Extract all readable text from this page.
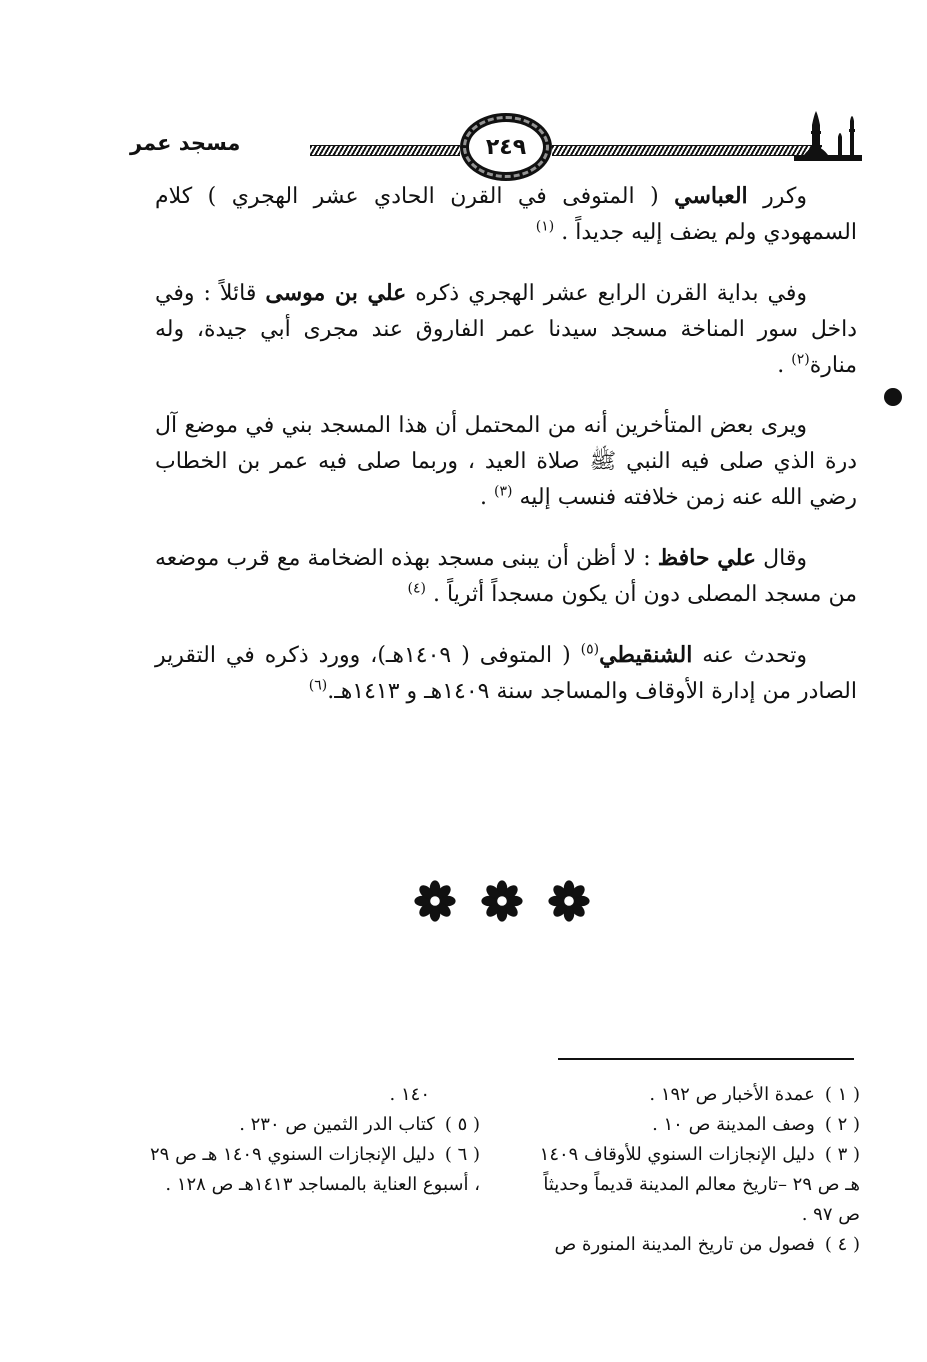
مسجد عمر	٢٤٩

وكرر العباسي ( المتوفى في القرن الحادي عشر الهجري ) كلام السمهودي ولم يضف إليه جديداً . $^{(١)}$

وفي بداية القرن الرابع عشر الهجري ذكره علي بن موسى قائلاً : وفي داخل سور المناخة مسجد سيدنا عمر الفاروق عند مجرى أبي جيدة، وله منارة$^{(٢)}$ .

ويرى بعض المتأخرين أنه من المحتمل أن هذا المسجد بني في موضع آل درة الذي صلى فيه النبي ﷺ صلاة العيد ، وربما صلى فيه عمر بن الخطاب رضي الله عنه زمن خلافته فنسب إليه $^{(٣)}$ .

وقال علي حافظ : لا أظن أن يبنى مسجد بهذه الضخامة مع قرب موضعه من مسجد المصلى دون أن يكون مسجداً أثرياً . $^{(٤)}$

وتحدث عنه الشنقيطي$^{(٥)}$ ( المتوفى ( ١٤٠٩هـ)، وورد ذكره في التقرير الصادر من إدارة الأوقاف والمساجد سنة ١٤٠٩هـ و ١٤١٣هـ.$^{(٦)}$

( ١ )عمدة الأخبار ص ١٩٢ .

( ٢ )وصف المدينة ص ١٠ .

( ٣ )دليل الإنجازات السنوي للأوقاف ١٤٠٩ هـ ص ٢٩ –تاريخ معالم المدينة قديماً وحديثاً ص ٩٧ .

( ٤ )فصول من تاريخ المدينة المنورة ص

١٤٠ .

( ٥ )كتاب الدر الثمين ص ٢٣٠ .

( ٦ )دليل الإنجازات السنوي ١٤٠٩ هـ ص ٢٩ ، أسبوع العناية بالمساجد ١٤١٣هـ ص ١٢٨ .
